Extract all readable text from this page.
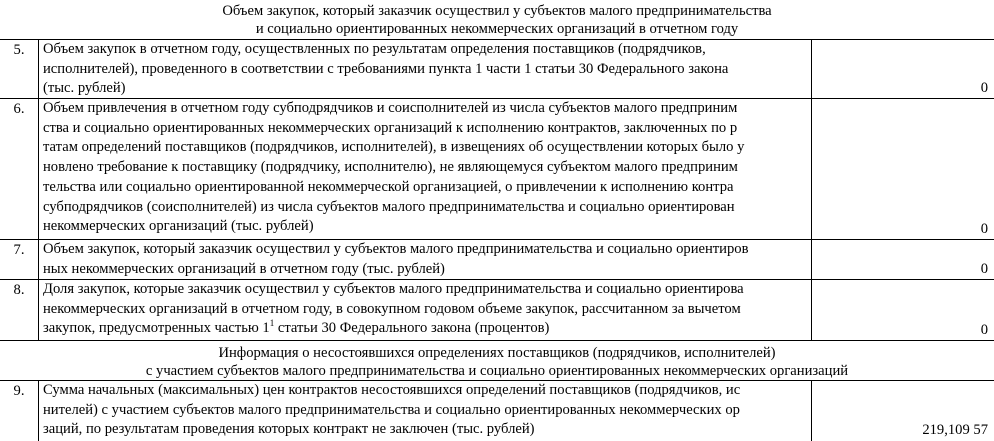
Объем закупок, который заказчик осуществил у субъектов малого предпринимательства
и социально ориентированных некоммерческих организаций в отчетном году
5.	Объем закупок в отчетном году, осуществленных по результатам определения поставщиков (подрядчиков,
исполнителей), проведенного в соответствии с требованиями пункта 1 части 1 статьи 30 Федерального закона
(тыс. рублей)	0
6.	Объем привлечения в отчетном году субподрядчиков и соисполнителей из числа субъектов малого предприним
ства и социально ориентированных некоммерческих организаций к исполнению контрактов, заключенных по р
татам определений поставщиков (подрядчиков, исполнителей), в извещениях об осуществлении которых было у
новлено требование к поставщику (подрядчику, исполнителю), не являющемуся субъектом малого предприним
тельства или социально ориентированной некоммерческой организацией, о привлечении к исполнению контра
субподрядчиков (соисполнителей) из числа субъектов малого предпринимательства и социально ориентирован
некоммерческих организаций (тыс. рублей)	0
7.	Объем закупок, который заказчик осуществил у субъектов малого предпринимательства и социально ориентиров
ных некоммерческих организаций в отчетном году (тыс. рублей)	0
8.	Доля закупок, которые заказчик осуществил у субъектов малого предпринимательства и социально ориентирова
некоммерческих организаций в отчетном году, в совокупном годовом объеме закупок, рассчитанном за вычетом
закупок, предусмотренных частью $1^1$ статьи 30 Федерального закона (процентов)	0
Информация о несостоявшихся определениях поставщиков (подрядчиков, исполнителей)
с участием субъектов малого предпринимательства и социально ориентированных некоммерческих организаций
9.	Сумма начальных (максимальных) цен контрактов несостоявшихся определений поставщиков (подрядчиков, ис
нителей) с участием субъектов малого предпринимательства и социально ориентированных некоммерческих ор
заций, по результатам проведения которых контракт не заключен (тыс. рублей)	219,109 57
